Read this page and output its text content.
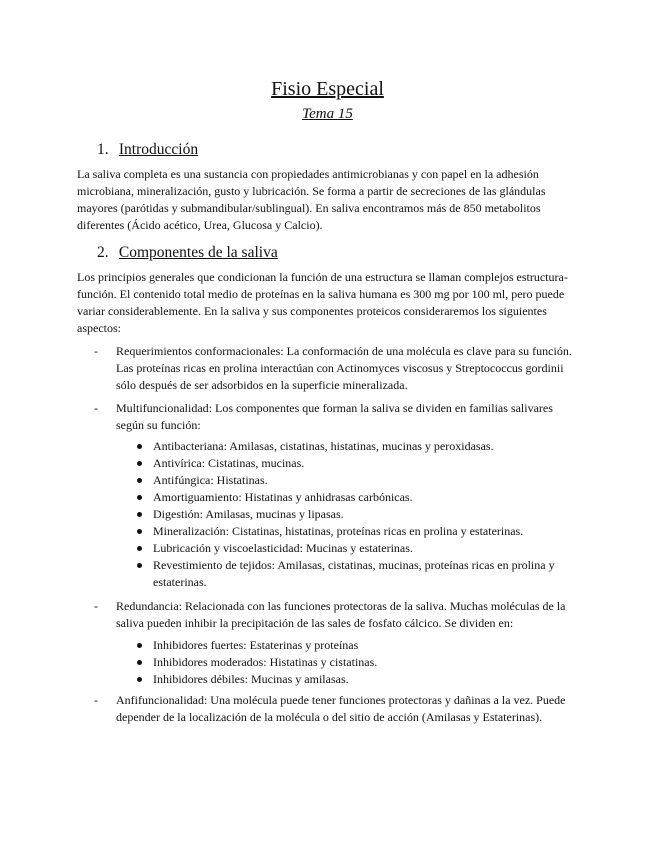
Fisio Especial
Tema 15
1. Introducción
La saliva completa es una sustancia con propiedades antimicrobianas y con papel en la adhesión microbiana, mineralización, gusto y lubricación. Se forma a partir de secreciones de las glándulas mayores (parótidas y submandibular/sublingual). En saliva encontramos más de 850 metabolitos diferentes (Ácido acético, Urea, Glucosa y Calcio).
2. Componentes de la saliva
Los principios generales que condicionan la función de una estructura se llaman complejos estructura-función. El contenido total medio de proteínas en la saliva humana es 300 mg por 100 ml, pero puede variar considerablemente. En la saliva y sus componentes proteicos consideraremos los siguientes aspectos:
- Requerimientos conformacionales: La conformación de una molécula es clave para su función. Las proteínas ricas en prolina interactúan con Actinomyces viscosus y Streptococcus gordinii sólo después de ser adsorbidos en la superficie mineralizada.
- Multifuncionalidad: Los componentes que forman la saliva se dividen en familias salivares según su función:
Antibacteriana: Amilasas, cistatinas, histatinas, mucinas y peroxidasas.
Antivírica: Cistatinas, mucinas.
Antifúngica: Histatinas.
Amortiguamiento: Histatinas y anhidrasas carbónicas.
Digestión: Amilasas, mucinas y lipasas.
Mineralización: Cistatinas, histatinas, proteínas ricas en prolina y estaterinas.
Lubricación y viscoelasticidad: Mucinas y estaterinas.
Revestimiento de tejidos: Amilasas, cistatinas, mucinas, proteínas ricas en prolina y estaterinas.
- Redundancia: Relacionada con las funciones protectoras de la saliva. Muchas moléculas de la saliva pueden inhibir la precipitación de las sales de fosfato cálcico. Se dividen en:
Inhibidores fuertes: Estaterinas y proteínas
Inhibidores moderados: Histatinas y cistatinas.
Inhibidores débiles: Mucinas y amilasas.
- Anfifuncionalidad: Una molécula puede tener funciones protectoras y dañinas a la vez. Puede depender de la localización de la molécula o del sitio de acción (Amilasas y Estaterinas).
